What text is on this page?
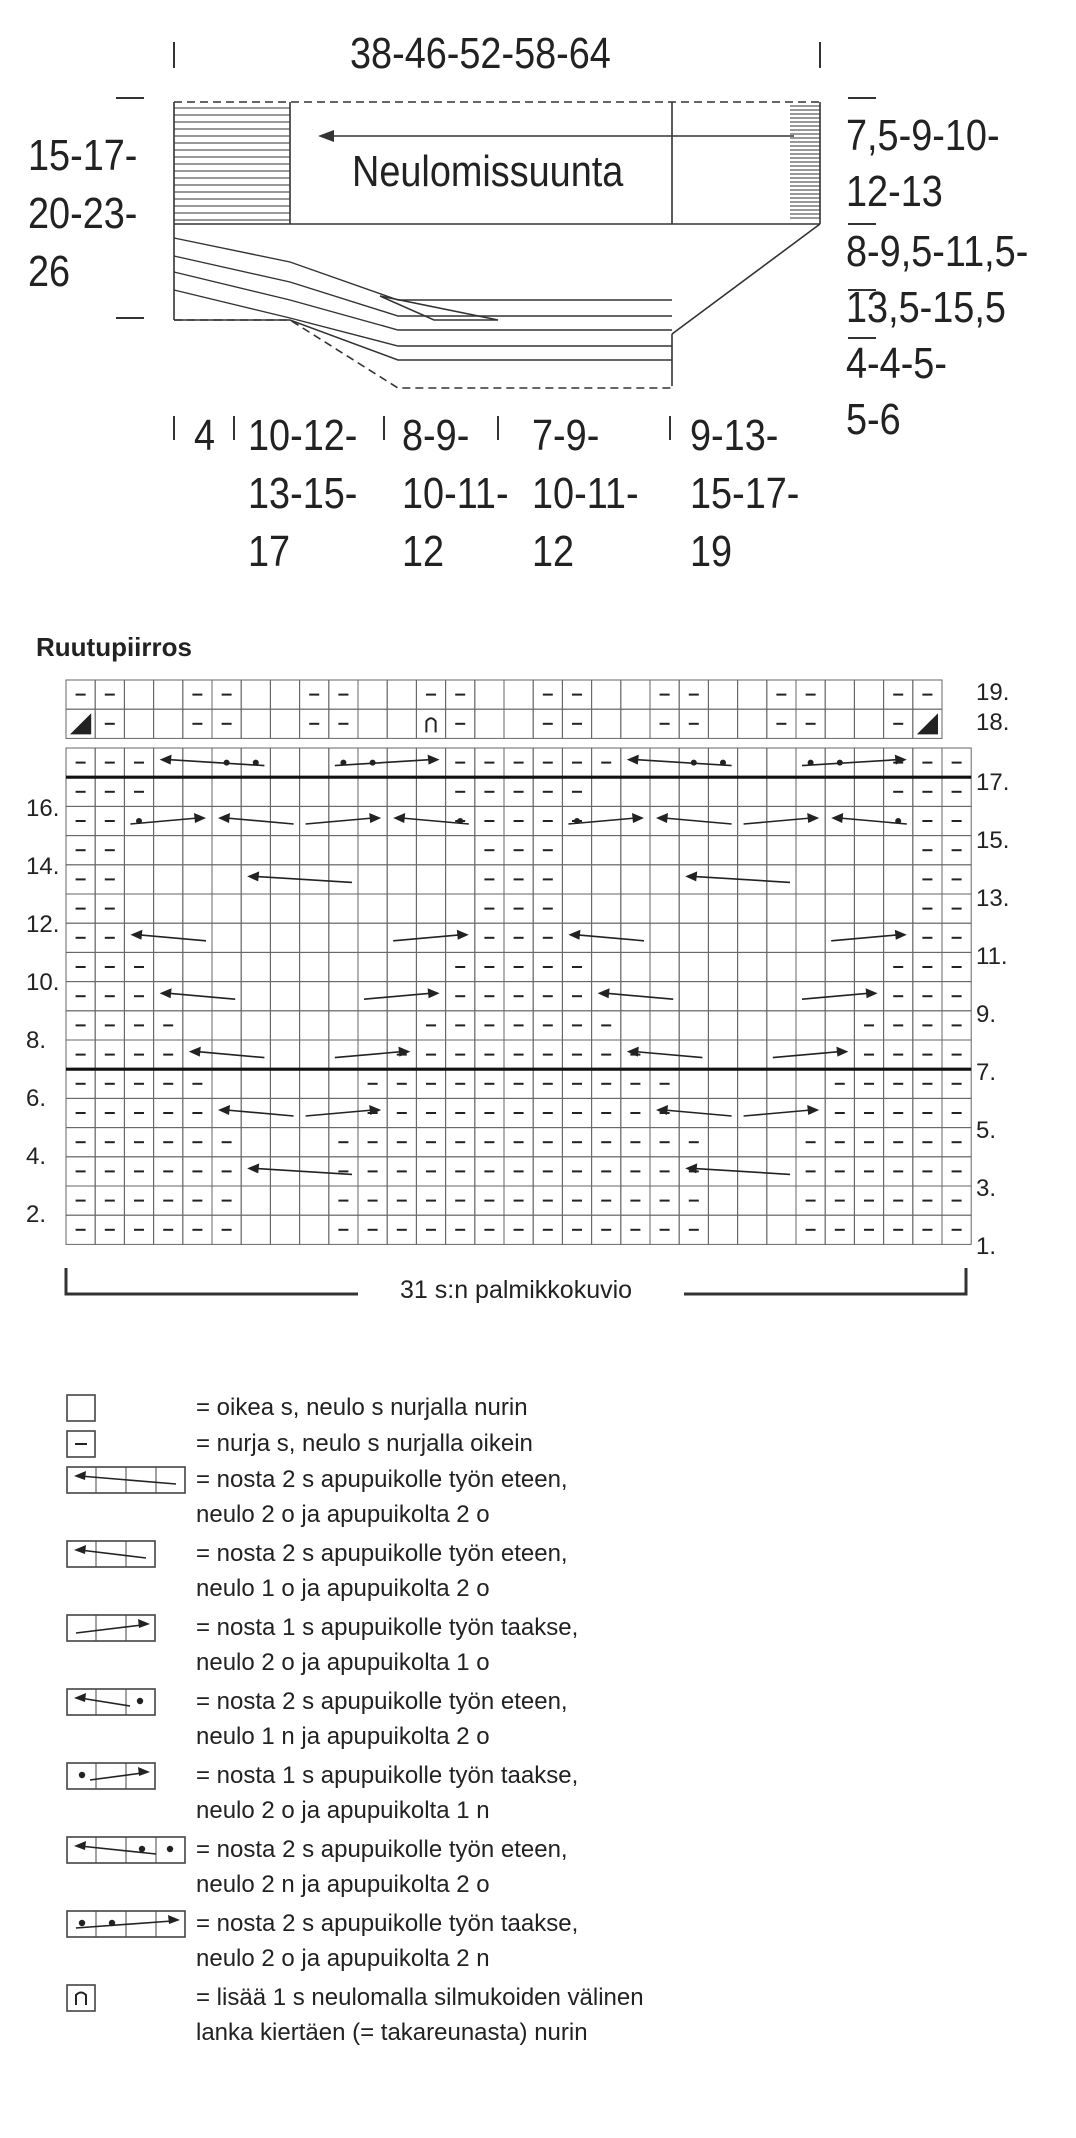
38-46-52-58-64
Neulomissuunta
15-17-
20-23-
26
7,5-9-10-
12-13
8-9,5-11,5-
13,5-15,5
4-4-5-
5-6
4 10-12-
13-15-
17
8-9-
10-11-
12
7-9-
10-11-
12
9-13-
15-17-
19
Ruutupiirros
31 s:n palmikkokuvio
19.
18.
17.
15.
13.
11.
9.
7.
5.
3.
1.
16.
14.
12.
10.
8.
6.
4.
2.
= oikea s, neulo s nurjalla nurin
= nurja s, neulo s nurjalla oikein
= nosta 2 s apupuikolle työn eteen,
neulo 2 o ja apupuikolta 2 o
= nosta 2 s apupuikolle työn eteen,
neulo 1 o ja apupuikolta 2 o
= nosta 1 s apupuikolle työn taakse,
neulo 2 o ja apupuikolta 1 o
= nosta 2 s apupuikolle työn eteen,
neulo 1 n ja apupuikolta 2 o
= nosta 1 s apupuikolle työn taakse,
neulo 2 o ja apupuikolta 1 n
= nosta 2 s apupuikolle työn eteen,
neulo 2 n ja apupuikolta 2 o
= nosta 2 s apupuikolle työn taakse,
neulo 2 o ja apupuikolta 2 n
= lisää 1 s neulomalla silmukoiden välinen
lanka kiertäen (= takareunasta) nurin
